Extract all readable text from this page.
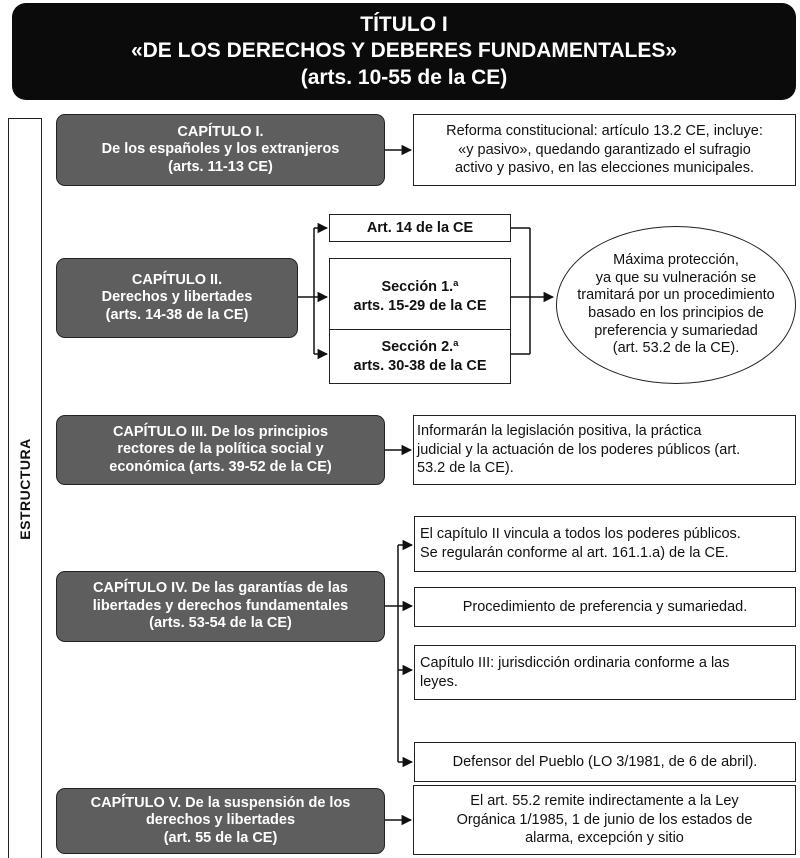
TÍTULO I
«DE LOS DERECHOS Y DEBERES FUNDAMENTALES»
(arts. 10-55 de la CE)
ESTRUCTURA
CAPÍTULO I.
De los españoles y los extranjeros
(arts. 11-13 CE)
Reforma constitucional: artículo 13.2 CE, incluye:
«y pasivo», quedando garantizado el sufragio
activo y pasivo, en las elecciones municipales.
CAPÍTULO II.
Derechos y libertades
(arts. 14-38 de la CE)
Art. 14 de la CE
Sección 1.ª
arts. 15-29 de la CE
Sección 2.ª
arts. 30-38 de la CE
Máxima protección,
ya que su vulneración se
tramitará por un procedimiento
basado en los principios de
preferencia y sumariedad
(art. 53.2 de la CE).
CAPÍTULO III. De los principios
rectores de la política social y
económica (arts. 39-52 de la CE)
Informarán la legislación positiva, la práctica
judicial y la actuación de los poderes públicos (art.
53.2 de la CE).
CAPÍTULO IV. De las garantías de las
libertades y derechos fundamentales
(arts. 53-54 de la CE)
El capítulo II vincula a todos los poderes públicos.
Se regularán conforme al art. 161.1.a) de la CE.
Procedimiento de preferencia y sumariedad.
Capítulo III: jurisdicción ordinaria conforme a las
leyes.
Defensor del Pueblo (LO 3/1981, de 6 de abril).
CAPÍTULO V. De la suspensión de los
derechos y libertades
(art. 55 de la CE)
El art. 55.2 remite indirectamente a la Ley
Orgánica 1/1985, 1 de junio de los estados de
alarma, excepción y sitio
